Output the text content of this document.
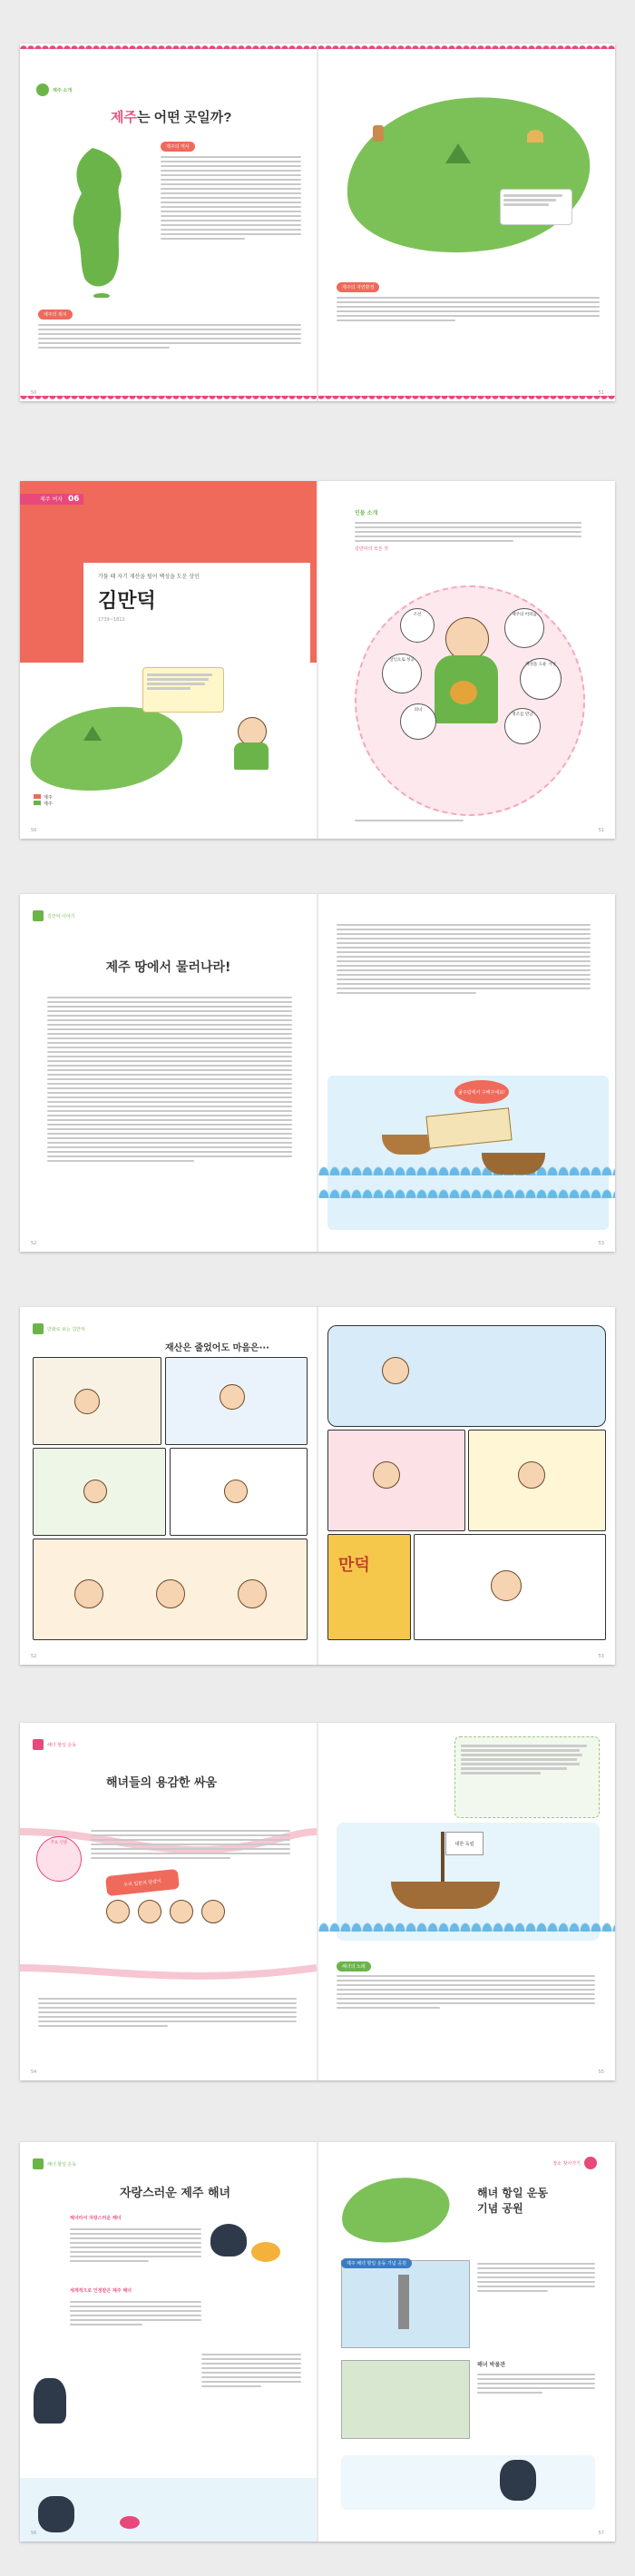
제주 소개
제주는 어떤 곳일까?
제주의 역사
제주의 위치
50
제주의 자연환경
51
제주 여자 06
가뭄 때 자기 재산을 털어 백성을 도운 상인
김만덕
1739~1812
제주
제주
50
인물 소개
김만덕의 모든 것
조선
상인으로 성공
의녀
제주의 어려움
백성을 도운 거상
정조를 만남
51
김만덕 이야기
제주 땅에서 물러나라!
52
굶주림에서 구해주세요!
53
만화로 보는 김만덕
재산은 줄었어도 마음은···
52
만덕
53
해녀 항일 운동
해녀들의 용감한 싸움
주요 인물
우리 일본의 앞잡이
54
대한 독립
해녀의 노래
55
해녀 항일 운동
자랑스러운 제주 해녀
해녀라서 자랑스러운 해녀
세계적으로 인정받은 제주 해녀
56
장소 찾아가기
해녀 항일 운동
기념 공원
제주 해녀 항일 운동 기념 공원
해녀 박물관
57
